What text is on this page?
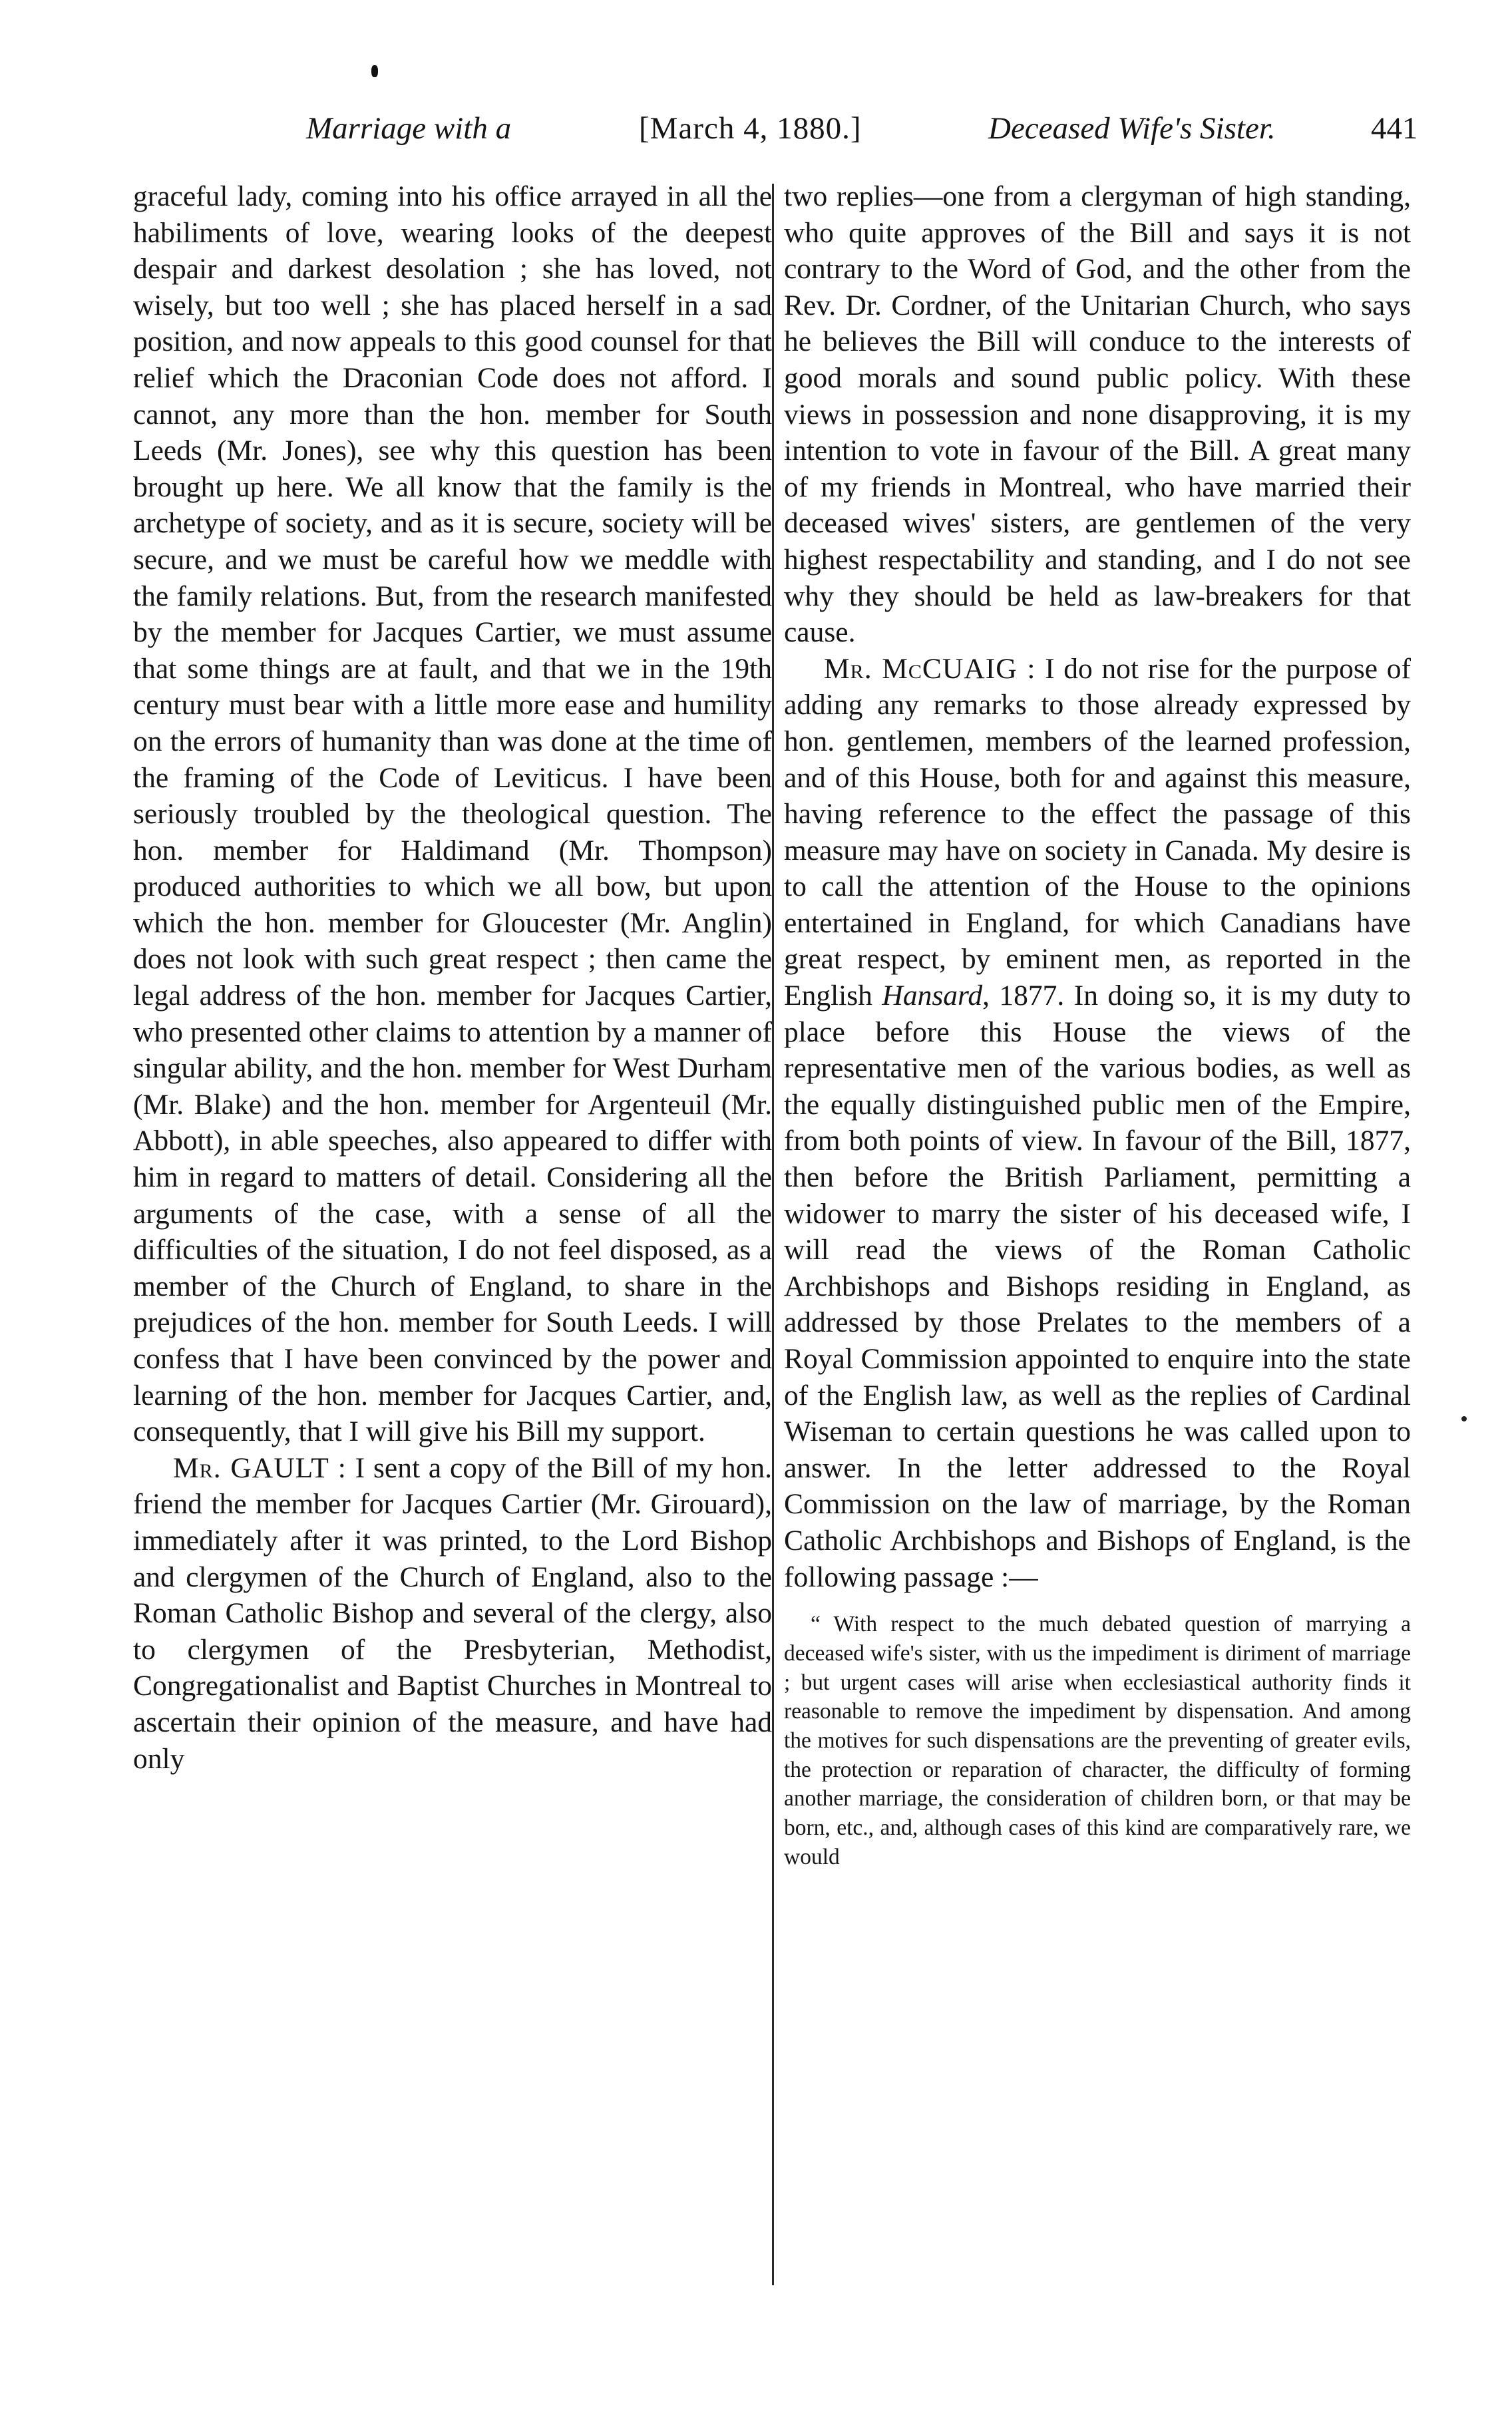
Marriage with a	[March 4, 1880.]	Deceased Wife's Sister.	441

graceful lady, coming into his office arrayed in all the habiliments of love, wearing looks of the deepest despair and darkest desolation ; she has loved, not wisely, but too well ; she has placed herself in a sad position, and now appeals to this good counsel for that relief which the Draconian Code does not afford. I cannot, any more than the hon. member for South Leeds (Mr. Jones), see why this question has been brought up here. We all know that the family is the archetype of society, and as it is secure, society will be secure, and we must be careful how we meddle with the family relations. But, from the research manifested by the member for Jacques Cartier, we must assume that some things are at fault, and that we in the 19th century must bear with a little more ease and humility on the errors of humanity than was done at the time of the framing of the Code of Leviticus. I have been seriously troubled by the theological question. The hon. member for Haldimand (Mr. Thompson) produced authorities to which we all bow, but upon which the hon. member for Gloucester (Mr. Anglin) does not look with such great respect ; then came the legal address of the hon. member for Jacques Cartier, who presented other claims to attention by a manner of singular ability, and the hon. member for West Durham (Mr. Blake) and the hon. member for Argenteuil (Mr. Abbott), in able speeches, also appeared to differ with him in regard to matters of detail. Considering all the arguments of the case, with a sense of all the difficulties of the situation, I do not feel disposed, as a member of the Church of England, to share in the prejudices of the hon. member for South Leeds. I will confess that I have been convinced by the power and learning of the hon. member for Jacques Cartier, and, consequently, that I will give his Bill my support.

Mr. GAULT : I sent a copy of the Bill of my hon. friend the member for Jacques Cartier (Mr. Girouard), immediately after it was printed, to the Lord Bishop and clergymen of the Church of England, also to the Roman Catholic Bishop and several of the clergy, also to clergymen of the Presbyterian, Methodist, Congregationalist and Baptist Churches in Montreal to ascertain their opinion of the measure, and have had only

two replies—one from a clergyman of high standing, who quite approves of the Bill and says it is not contrary to the Word of God, and the other from the Rev. Dr. Cordner, of the Unitarian Church, who says he believes the Bill will conduce to the interests of good morals and sound public policy. With these views in possession and none disapproving, it is my intention to vote in favour of the Bill. A great many of my friends in Montreal, who have married their deceased wives' sisters, are gentlemen of the very highest respectability and standing, and I do not see why they should be held as law-breakers for that cause.

Mr. McCUAIG : I do not rise for the purpose of adding any remarks to those already expressed by hon. gentlemen, members of the learned profession, and of this House, both for and against this measure, having reference to the effect the passage of this measure may have on society in Canada. My desire is to call the attention of the House to the opinions entertained in England, for which Canadians have great respect, by eminent men, as reported in the English Hansard, 1877. In doing so, it is my duty to place before this House the views of the representative men of the various bodies, as well as the equally distinguished public men of the Empire, from both points of view. In favour of the Bill, 1877, then before the British Parliament, permitting a widower to marry the sister of his deceased wife, I will read the views of the Roman Catholic Archbishops and Bishops residing in England, as addressed by those Prelates to the members of a Royal Commission appointed to enquire into the state of the English law, as well as the replies of Cardinal Wiseman to certain questions he was called upon to answer. In the letter addressed to the Royal Commission on the law of marriage, by the Roman Catholic Archbishops and Bishops of England, is the following passage :—

“ With respect to the much debated question of marrying a deceased wife's sister, with us the impediment is diriment of marriage ; but urgent cases will arise when ecclesiastical authority finds it reasonable to remove the impediment by dispensation. And among the motives for such dispensations are the preventing of greater evils, the protection or reparation of character, the difficulty of forming another marriage, the consideration of children born, or that may be born, etc., and, although cases of this kind are comparatively rare, we would
